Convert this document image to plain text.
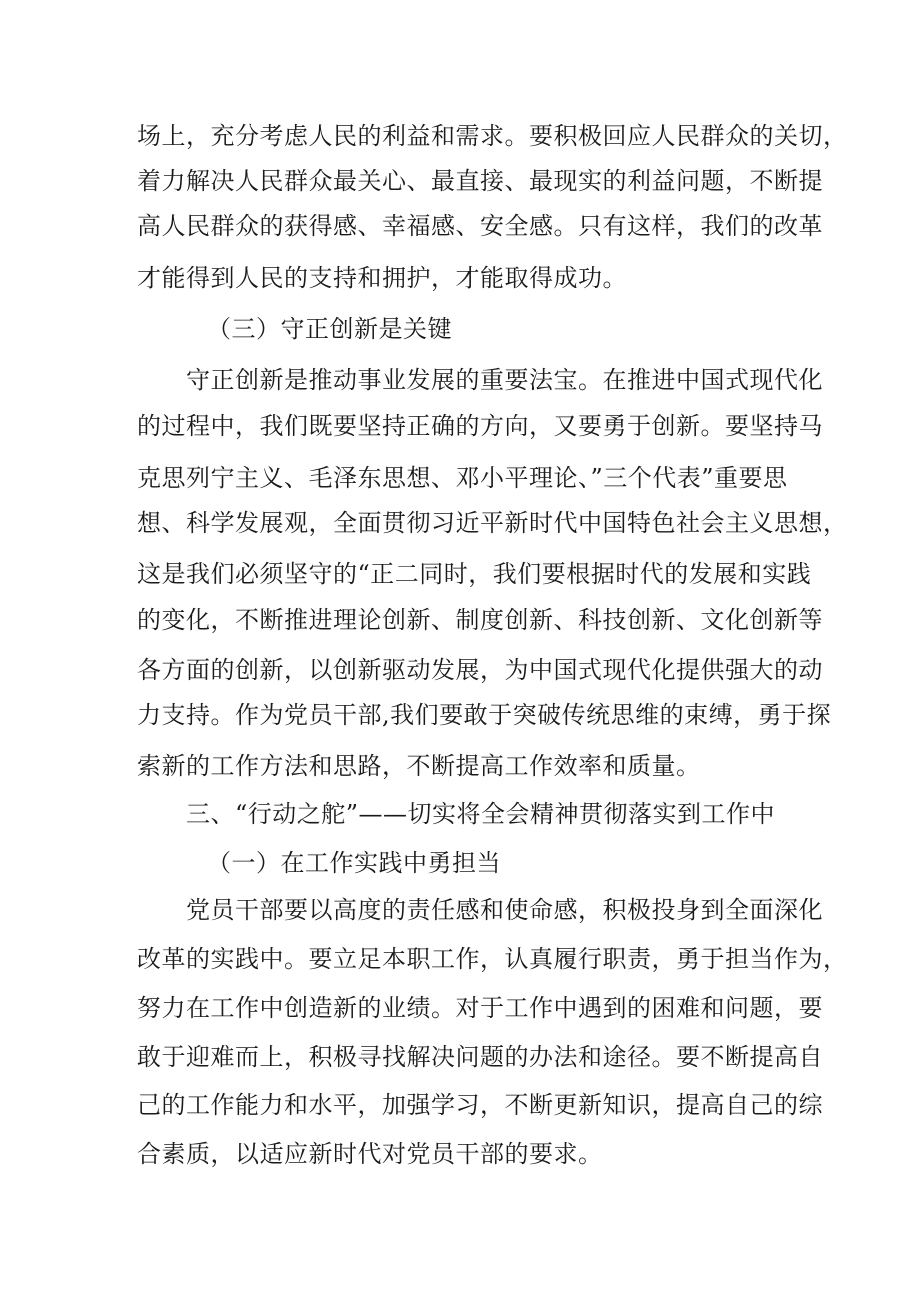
场上，充分考虑人民的利益和需求。要积极回应人民群众的关切，
着力解决人民群众最关心、最直接、最现实的利益问题，不断提
高人民群众的获得感、幸福感、安全感。只有这样，我们的改革
才能得到人民的支持和拥护，才能取得成功。
（三）守正创新是关键
守正创新是推动事业发展的重要法宝。在推进中国式现代化
的过程中，我们既要坚持正确的方向，又要勇于创新。要坚持马
克思列宁主义、毛泽东思想、邓小平理论、”三个代表”重要思
想、科学发展观，全面贯彻习近平新时代中国特色社会主义思想，
这是我们必须坚守的“正二同时，我们要根据时代的发展和实践
的变化，不断推进理论创新、制度创新、科技创新、文化创新等
各方面的创新，以创新驱动发展，为中国式现代化提供强大的动
力支持。作为党员干部,我们要敢于突破传统思维的束缚，勇于探
索新的工作方法和思路，不断提高工作效率和质量。
三、“行动之舵”——切实将全会精神贯彻落实到工作中
（一）在工作实践中勇担当
党员干部要以高度的责任感和使命感，积极投身到全面深化
改革的实践中。要立足本职工作，认真履行职责，勇于担当作为，
努力在工作中创造新的业绩。对于工作中遇到的困难和问题，要
敢于迎难而上，积极寻找解决问题的办法和途径。要不断提高自
己的工作能力和水平，加强学习，不断更新知识，提高自己的综
合素质，以适应新时代对党员干部的要求。
